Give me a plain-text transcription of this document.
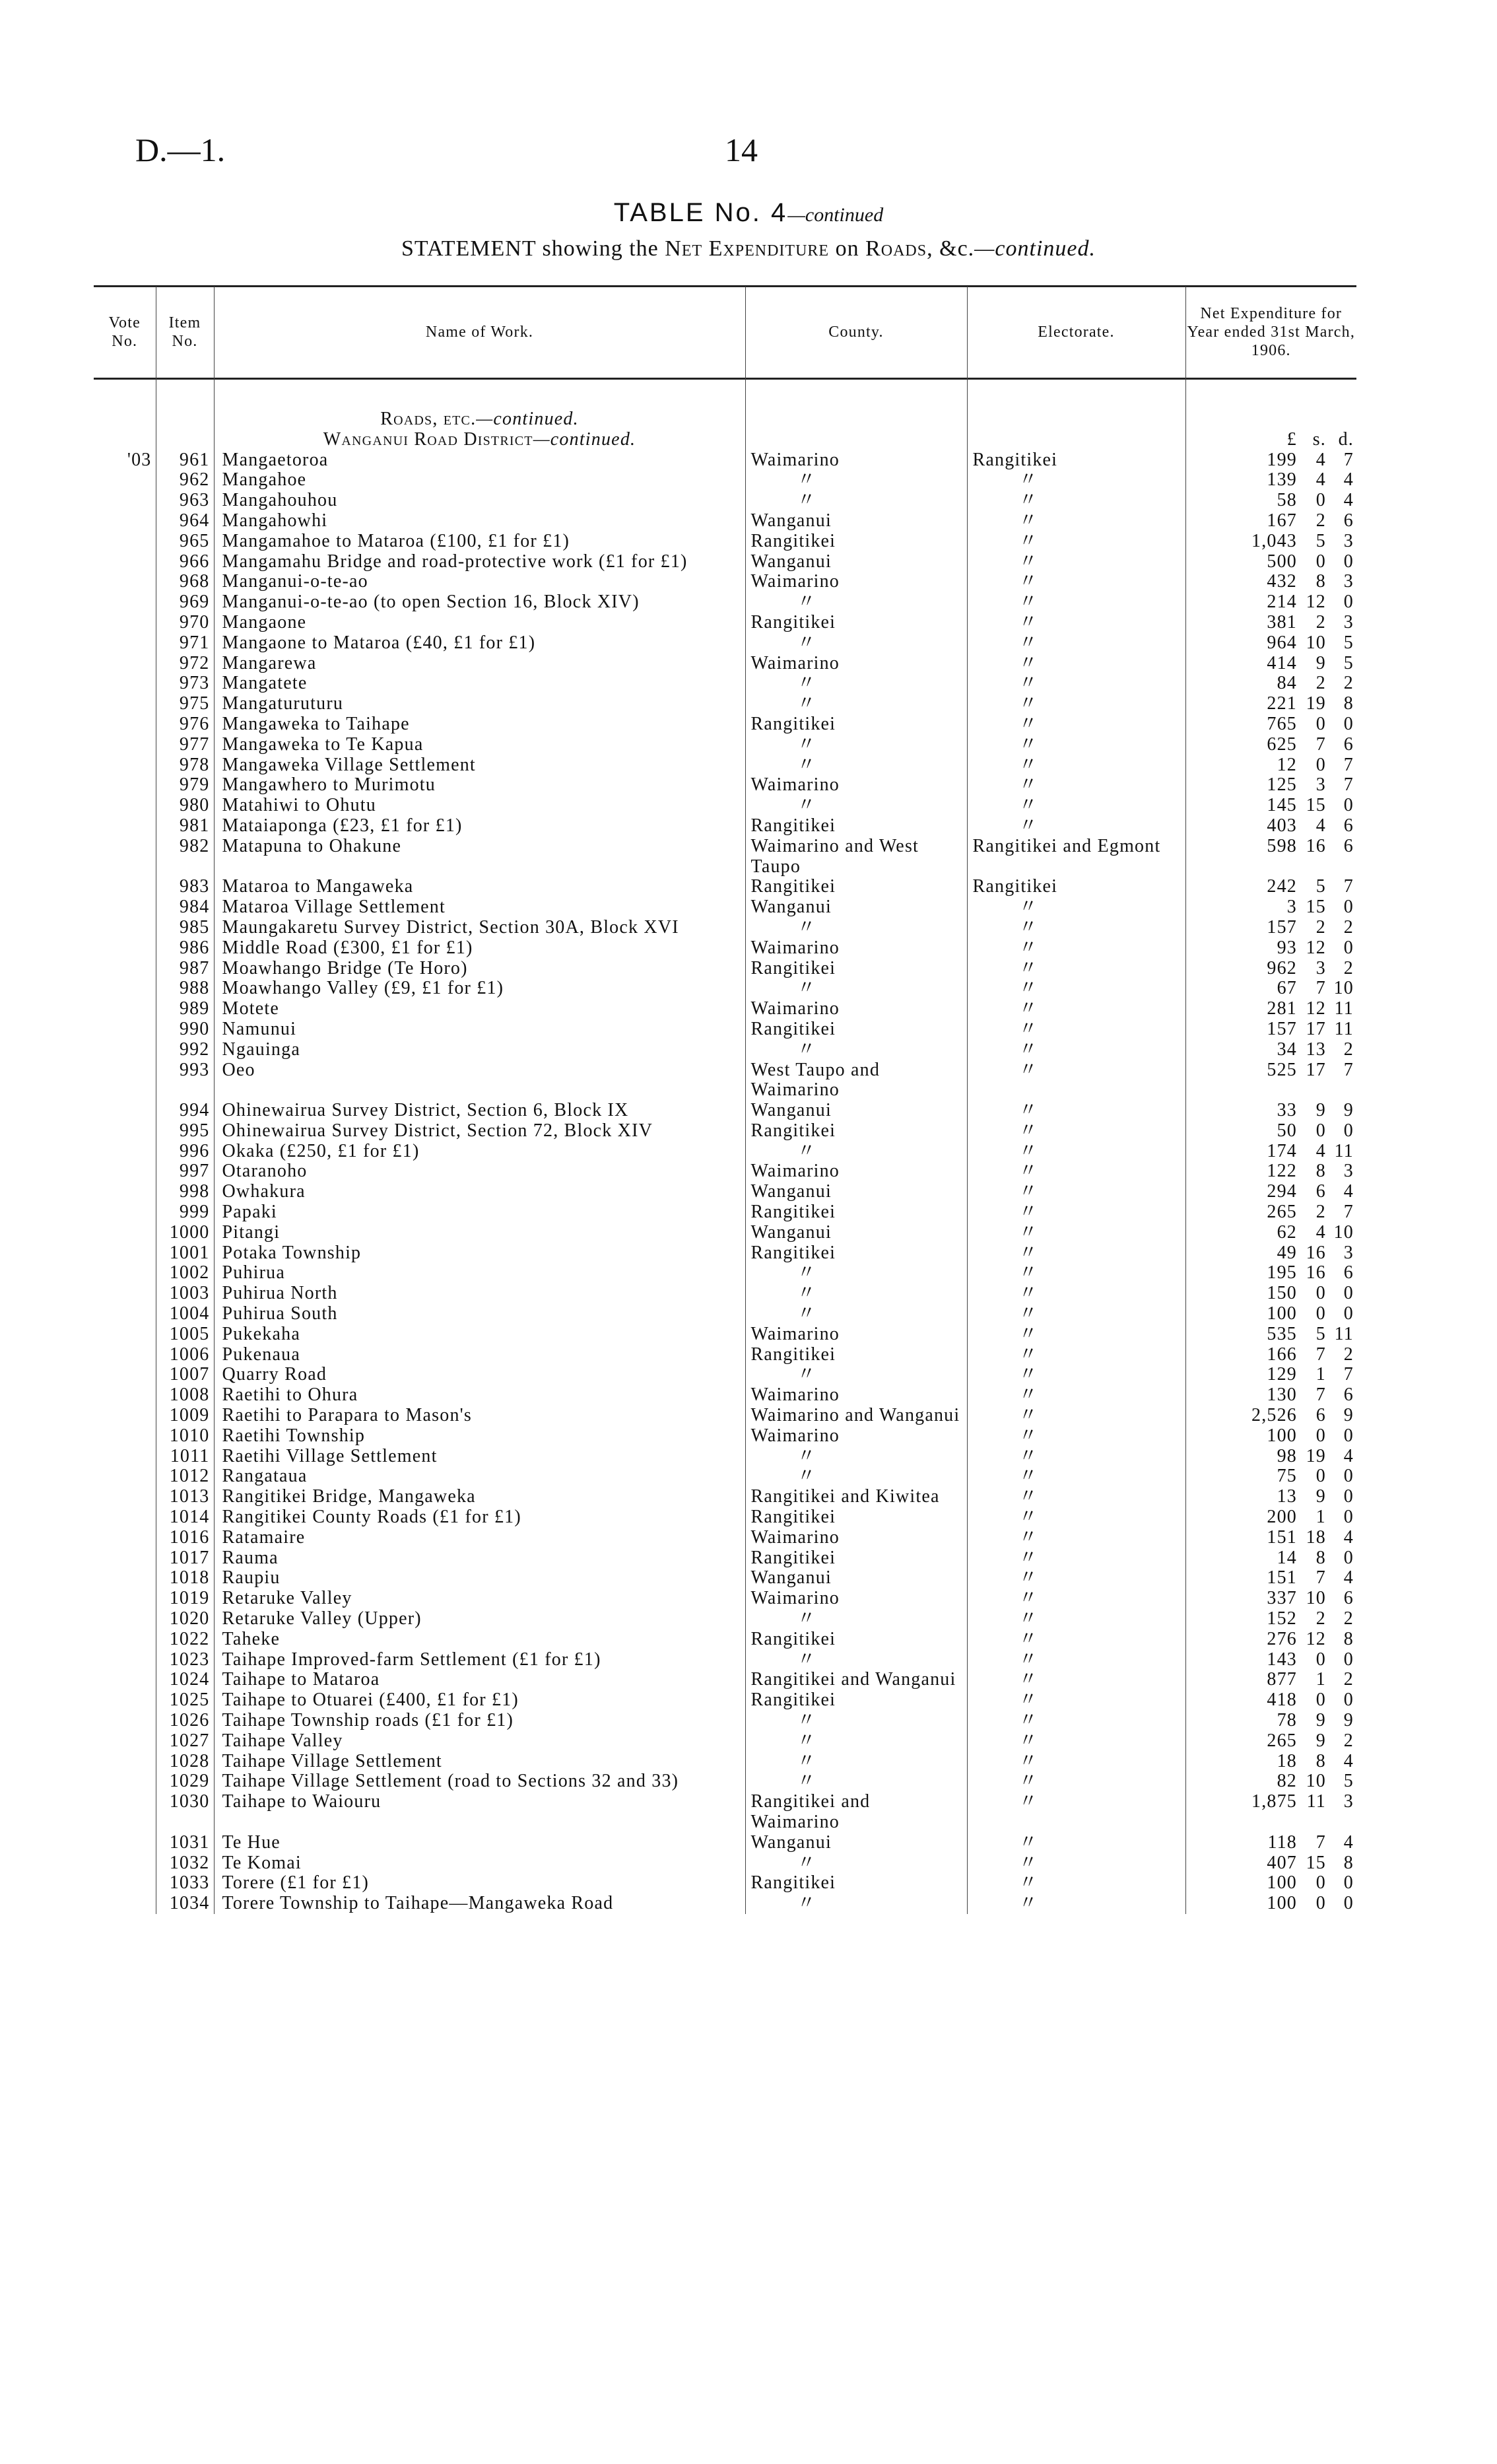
D.—1.	14
TABLE No. 4—continued
STATEMENT showing the Net Expenditure on Roads, &c.—continued.
Vote No.	Item No.	Name of Work.	County.	Electorate.	Net Expenditure for Year ended 31st March, 1906.

		Roads, etc.—continued.			
		Wanganui Road District—continued.			£ s. d.

'03	961	Mangaetoroa	Waimarino	Rangitikei	199 4 7

	962	Mangahoe	〃	〃	139 4 4

	963	Mangahouhou	〃	〃	58 0 4

	964	Mangahowhi	Wanganui	〃	167 2 6

	965	Mangamahoe to Mataroa (£100, £1 for £1)	Rangitikei	〃	1,043 5 3

	966	Mangamahu Bridge and road-protective work (£1 for £1)	Wanganui	〃	500 0 0

	968	Manganui-o-te-ao	Waimarino	〃	432 8 3

	969	Manganui-o-te-ao (to open Section 16, Block XIV)	〃	〃	214 12 0

	970	Mangaone	Rangitikei	〃	381 2 3

	971	Mangaone to Mataroa (£40, £1 for £1)	〃	〃	964 10 5

	972	Mangarewa	Waimarino	〃	414 9 5

	973	Mangatete	〃	〃	84 2 2

	975	Mangaturuturu	〃	〃	221 19 8

	976	Mangaweka to Taihape	Rangitikei	〃	765 0 0

	977	Mangaweka to Te Kapua	〃	〃	625 7 6

	978	Mangaweka Village Settlement	〃	〃	12 0 7

	979	Mangawhero to Murimotu	Waimarino	〃	125 3 7

	980	Matahiwi to Ohutu	〃	〃	145 15 0

	981	Mataiaponga (£23, £1 for £1)	Rangitikei	〃	403 4 6

	982	Matapuna to Ohakune	Waimarino and West Taupo	Rangitikei and Egmont	598 16 6

	983	Mataroa to Mangaweka	Rangitikei	Rangitikei	242 5 7

	984	Mataroa Village Settlement	Wanganui	〃	3 15 0

	985	Maungakaretu Survey District, Section 30A, Block XVI	〃	〃	157 2 2

	986	Middle Road (£300, £1 for £1)	Waimarino	〃	93 12 0

	987	Moawhango Bridge (Te Horo)	Rangitikei	〃	962 3 2

	988	Moawhango Valley (£9, £1 for £1)	〃	〃	67 7 10

	989	Motete	Waimarino	〃	281 12 11

	990	Namunui	Rangitikei	〃	157 17 11

	992	Ngauinga	〃	〃	34 13 2

	993	Oeo	West Taupo and Waimarino	〃	525 17 7

	994	Ohinewairua Survey District, Section 6, Block IX	Wanganui	〃	33 9 9

	995	Ohinewairua Survey District, Section 72, Block XIV	Rangitikei	〃	50 0 0

	996	Okaka (£250, £1 for £1)	〃	〃	174 4 11

	997	Otaranoho	Waimarino	〃	122 8 3

	998	Owhakura	Wanganui	〃	294 6 4

	999	Papaki	Rangitikei	〃	265 2 7

	1000	Pitangi	Wanganui	〃	62 4 10

	1001	Potaka Township	Rangitikei	〃	49 16 3

	1002	Puhirua	〃	〃	195 16 6

	1003	Puhirua North	〃	〃	150 0 0

	1004	Puhirua South	〃	〃	100 0 0

	1005	Pukekaha	Waimarino	〃	535 5 11

	1006	Pukenaua	Rangitikei	〃	166 7 2

	1007	Quarry Road	〃	〃	129 1 7

	1008	Raetihi to Ohura	Waimarino	〃	130 7 6

	1009	Raetihi to Parapara to Mason's	Waimarino and Wanganui	〃	2,526 6 9

	1010	Raetihi Township	Waimarino	〃	100 0 0

	1011	Raetihi Village Settlement	〃	〃	98 19 4

	1012	Rangataua	〃	〃	75 0 0

	1013	Rangitikei Bridge, Mangaweka	Rangitikei and Kiwitea	〃	13 9 0

	1014	Rangitikei County Roads (£1 for £1)	Rangitikei	〃	200 1 0

	1016	Ratamaire	Waimarino	〃	151 18 4

	1017	Rauma	Rangitikei	〃	14 8 0

	1018	Raupiu	Wanganui	〃	151 7 4

	1019	Retaruke Valley	Waimarino	〃	337 10 6

	1020	Retaruke Valley (Upper)	〃	〃	152 2 2

	1022	Taheke	Rangitikei	〃	276 12 8

	1023	Taihape Improved-farm Settlement (£1 for £1)	〃	〃	143 0 0

	1024	Taihape to Mataroa	Rangitikei and Wanganui	〃	877 1 2

	1025	Taihape to Otuarei (£400, £1 for £1)	Rangitikei	〃	418 0 0

	1026	Taihape Township roads (£1 for £1)	〃	〃	78 9 9

	1027	Taihape Valley	〃	〃	265 9 2

	1028	Taihape Village Settlement	〃	〃	18 8 4

	1029	Taihape Village Settlement (road to Sections 32 and 33)	〃	〃	82 10 5

	1030	Taihape to Waiouru	Rangitikei and Waimarino	〃	1,875 11 3

	1031	Te Hue	Wanganui	〃	118 7 4

	1032	Te Komai	〃	〃	407 15 8

	1033	Torere (£1 for £1)	Rangitikei	〃	100 0 0

	1034	Torere Township to Taihape—Mangaweka Road	〃	〃	100 0 0
